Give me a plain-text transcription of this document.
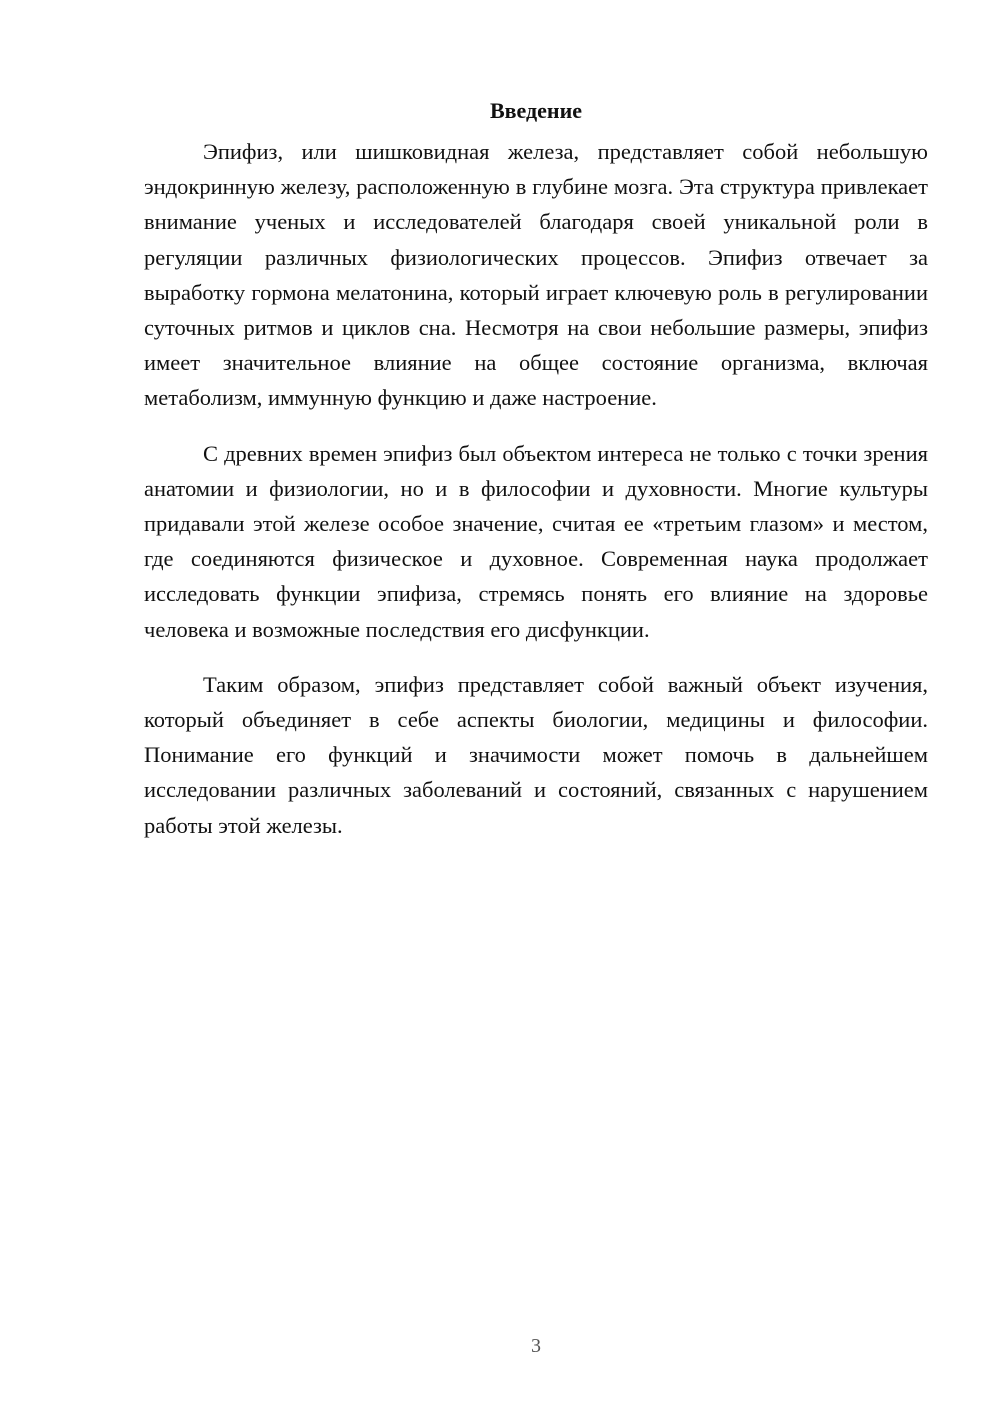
Введение

Эпифиз, или шишковидная железа, представляет собой небольшую эндокринную железу, расположенную в глубине мозга. Эта структура привлекает внимание ученых и исследователей благодаря своей уникальной роли в регуляции различных физиологических процессов. Эпифиз отвечает за выработку гормона мелатонина, который играет ключевую роль в регулировании суточных ритмов и циклов сна. Несмотря на свои небольшие размеры, эпифиз имеет значительное влияние на общее состояние организма, включая метаболизм, иммунную функцию и даже настроение.

С древних времен эпифиз был объектом интереса не только с точки зрения анатомии и физиологии, но и в философии и духовности. Многие культуры придавали этой железе особое значение, считая ее «третьим глазом» и местом, где соединяются физическое и духовное. Современная наука продолжает исследовать функции эпифиза, стремясь понять его влияние на здоровье человека и возможные последствия его дисфункции.

Таким образом, эпифиз представляет собой важный объект изучения, который объединяет в себе аспекты биологии, медицины и философии. Понимание его функций и значимости может помочь в дальнейшем исследовании различных заболеваний и состояний, связанных с нарушением работы этой железы.

3
